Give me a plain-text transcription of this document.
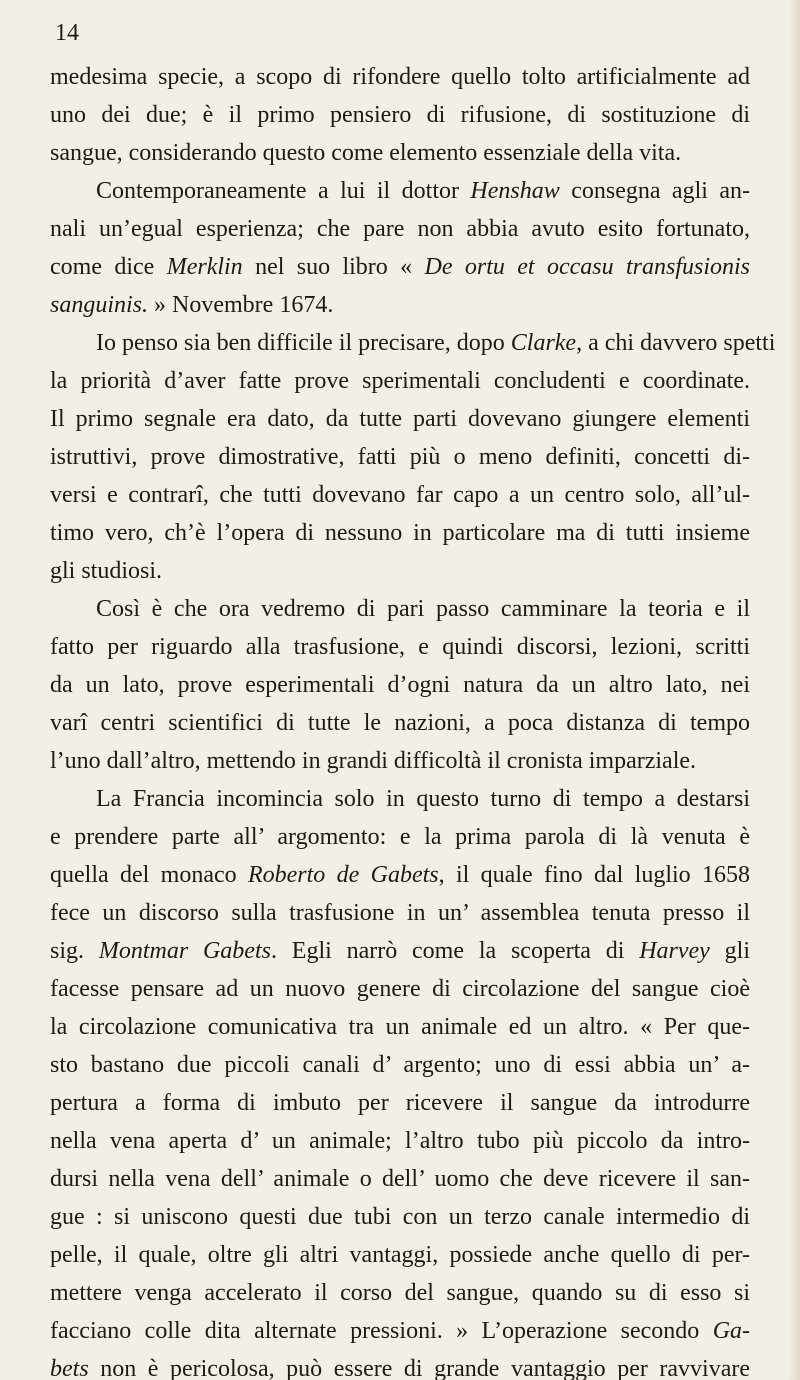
14
medesima specie, a scopo di rifondere quello tolto artificialmente ad
uno dei due; è il primo pensiero di rifusione, di sostituzione di
sangue, considerando questo come elemento essenziale della vita.
Contemporaneamente a lui il dottor Henshaw consegna agli an-
nali un’egual esperienza; che pare non abbia avuto esito fortunato,
come dice Merklin nel suo libro « De ortu et occasu transfusionis
sanguinis. » Novembre 1674.
Io penso sia ben difficile il precisare, dopo Clarke, a chi davvero spetti
la priorità d’aver fatte prove sperimentali concludenti e coordinate.
Il primo segnale era dato, da tutte parti dovevano giungere elementi
istruttivi, prove dimostrative, fatti più o meno definiti, concetti di-
versi e contrarî, che tutti dovevano far capo a un centro solo, all’ul-
timo vero, ch’è l’opera di nessuno in particolare ma di tutti insieme
gli studiosi.
Così è che ora vedremo di pari passo camminare la teoria e il
fatto per riguardo alla trasfusione, e quindi discorsi, lezioni, scritti
da un lato, prove esperimentali d’ogni natura da un altro lato, nei
varî centri scientifici di tutte le nazioni, a poca distanza di tempo
l’uno dall’altro, mettendo in grandi difficoltà il cronista imparziale.
La Francia incomincia solo in questo turno di tempo a destarsi
e prendere parte all’ argomento: e la prima parola di là venuta è
quella del monaco Roberto de Gabets, il quale fino dal luglio 1658
fece un discorso sulla trasfusione in un’ assemblea tenuta presso il
sig. Montmar Gabets. Egli narrò come la scoperta di Harvey gli
facesse pensare ad un nuovo genere di circolazione del sangue cioè
la circolazione comunicativa tra un animale ed un altro. « Per que-
sto bastano due piccoli canali d’ argento; uno di essi abbia un’ a-
pertura a forma di imbuto per ricevere il sangue da introdurre
nella vena aperta d’ un animale; l’altro tubo più piccolo da intro-
dursi nella vena dell’ animale o dell’ uomo che deve ricevere il san-
gue : si uniscono questi due tubi con un terzo canale intermedio di
pelle, il quale, oltre gli altri vantaggi, possiede anche quello di per-
mettere venga accelerato il corso del sangue, quando su di esso si
facciano colle dita alternate pressioni. » L’operazione secondo Ga-
bets non è pericolosa, può essere di grande vantaggio per ravvivare
